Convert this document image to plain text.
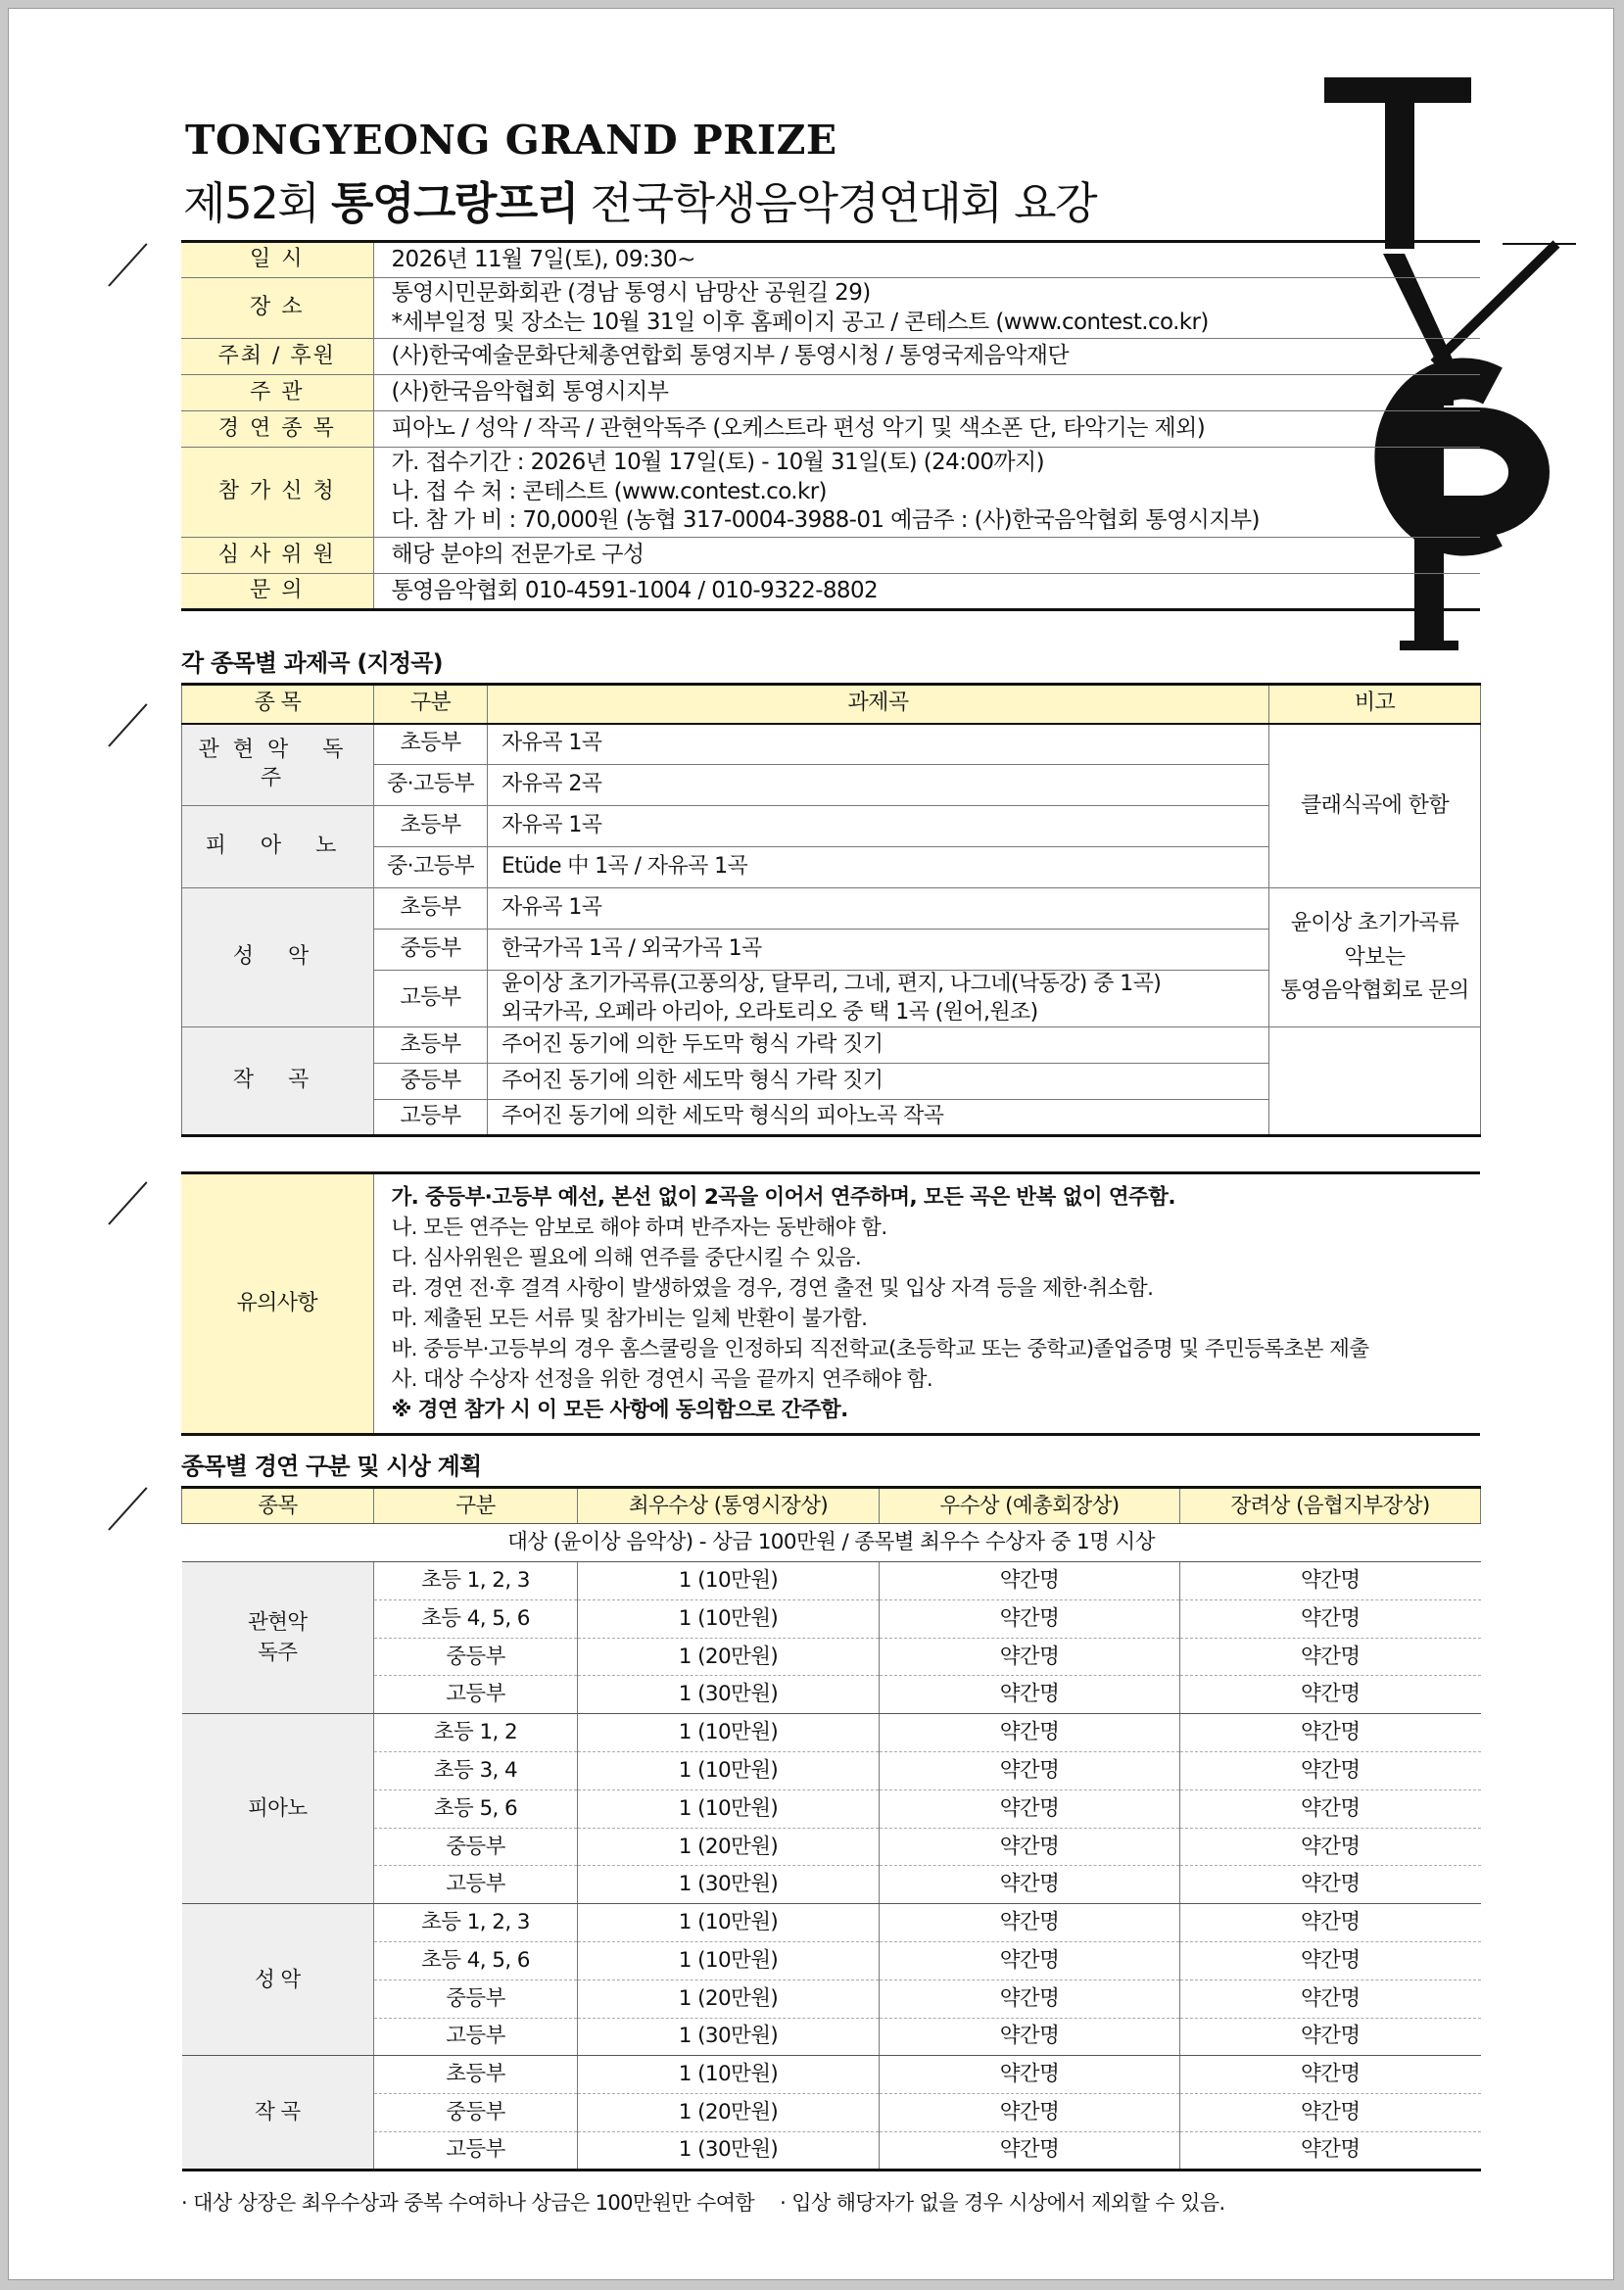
TONGYEONG GRAND PRIZE
제52회 통영그랑프리 전국학생음악경연대회 요강
일 시	2026년 11월 7일(토), 09:30~

장 소	통영시민문화회관 (경남 통영시 남망산 공원길 29)
*세부일정 및 장소는 10월 31일 이후 홈페이지 공고 / 콘테스트 (www.contest.co.kr)

주최 / 후원	(사)한국예술문화단체총연합회 통영지부 / 통영시청 / 통영국제음악재단

주 관	(사)한국음악협회 통영시지부

경 연 종 목	피아노 / 성악 / 작곡 / 관현악독주 (오케스트라 편성 악기 및 색소폰 단, 타악기는 제외)

참 가 신 청	가. 접수기간 : 2026년 10월 17일(토) - 10월 31일(토) (24:00까지)
나. 접 수 처 : 콘테스트 (www.contest.co.kr)
다. 참 가 비 : 70,000원 (농협 317-0004-3988-01 예금주 : (사)한국음악협회 통영시지부)

심 사 위 원	해당 분야의 전문가로 구성

문 의	통영음악협회 010-4591-1004 / 010-9322-8802
각 종목별 과제곡 (지정곡)
종 목	구분	과제곡	비고
관현악 독주	초등부	자유곡 1곡	클래식곡에 한함

	중·고등부	자유곡 2곡	

피 아 노	초등부	자유곡 1곡	

	중·고등부	Etüde 中 1곡 / 자유곡 1곡	

성 악	초등부	자유곡 1곡	윤이상 초기가곡류
악보는
통영음악협회로 문의

	중등부	한국가곡 1곡 / 외국가곡 1곡	

	고등부	윤이상 초기가곡류(고풍의상, 달무리, 그네, 편지, 나그네(낙동강) 중 1곡)
외국가곡, 오페라 아리아, 오라토리오 중 택 1곡 (원어,원조)	

작 곡	초등부	주어진 동기에 의한 두도막 형식 가락 짓기	

	중등부	주어진 동기에 의한 세도막 형식 가락 짓기	

	고등부	주어진 동기에 의한 세도막 형식의 피아노곡 작곡	
유의사항	
가. 중등부·고등부 예선, 본선 없이 2곡을 이어서 연주하며, 모든 곡은 반복 없이 연주함.
나. 모든 연주는 암보로 해야 하며 반주자는 동반해야 함.
다. 심사위원은 필요에 의해 연주를 중단시킬 수 있음.
라. 경연 전·후 결격 사항이 발생하였을 경우, 경연 출전 및 입상 자격 등을 제한·취소함.
마. 제출된 모든 서류 및 참가비는 일체 반환이 불가함.
바. 중등부·고등부의 경우 홈스쿨링을 인정하되 직전학교(초등학교 또는 중학교)졸업증명 및 주민등록초본 제출
사. 대상 수상자 선정을 위한 경연시 곡을 끝까지 연주해야 함.
※ 경연 참가 시 이 모든 사항에 동의함으로 간주함.
종목별 경연 구분 및 시상 계획
종목	구분	최우수상 (통영시장상)	우수상 (예총회장상)	장려상 (음협지부장상)
대상 (윤이상 음악상) - 상금 100만원 / 종목별 최우수 수상자 중 1명 시상				

관현악
독주	초등 1, 2, 3	1 (10만원)	약간명	약간명
	초등 4, 5, 6	1 (10만원)	약간명	약간명
	중등부	1 (20만원)	약간명	약간명
	고등부	1 (30만원)	약간명	약간명

피아노	초등 1, 2	1 (10만원)	약간명	약간명
	초등 3, 4	1 (10만원)	약간명	약간명
	초등 5, 6	1 (10만원)	약간명	약간명
	중등부	1 (20만원)	약간명	약간명
	고등부	1 (30만원)	약간명	약간명

성 악	초등 1, 2, 3	1 (10만원)	약간명	약간명
	초등 4, 5, 6	1 (10만원)	약간명	약간명
	중등부	1 (20만원)	약간명	약간명
	고등부	1 (30만원)	약간명	약간명

작 곡	초등부	1 (10만원)	약간명	약간명
	중등부	1 (20만원)	약간명	약간명
	고등부	1 (30만원)	약간명	약간명
· 대상 상장은 최우수상과 중복 수여하나 상금은 100만원만 수여함 · 입상 해당자가 없을 경우 시상에서 제외할 수 있음.
